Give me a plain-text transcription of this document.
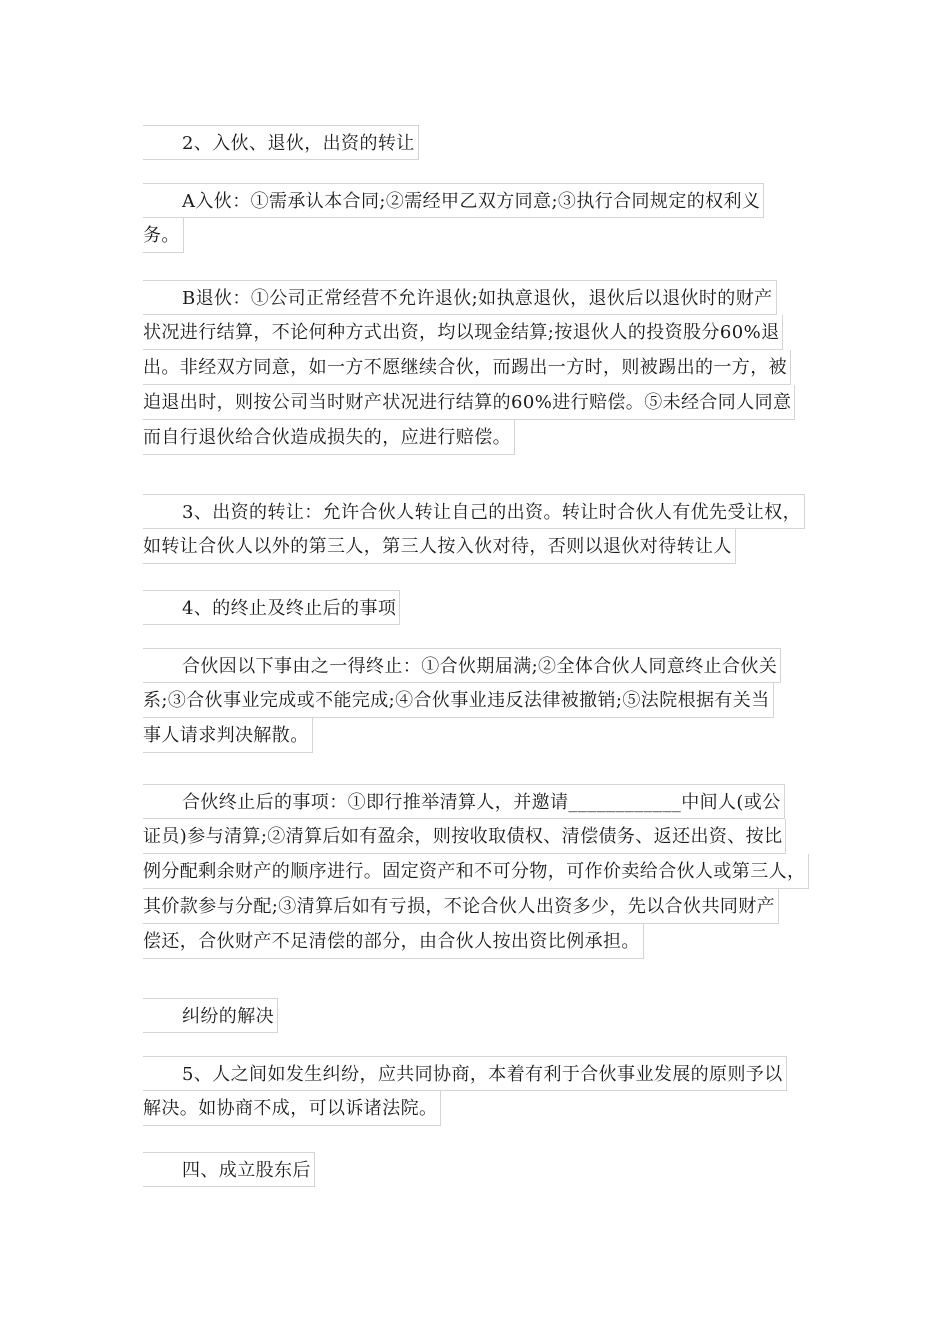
2、入伙、退伙，出资的转让
A入伙：①需承认本合同;②需经甲乙双方同意;③执行合同规定的权利义
务。
B退伙：①公司正常经营不允许退伙;如执意退伙，退伙后以退伙时的财产
状况进行结算，不论何种方式出资，均以现金结算;按退伙人的投资股分60%退
出。非经双方同意，如一方不愿继续合伙，而踢出一方时，则被踢出的一方，被
迫退出时，则按公司当时财产状况进行结算的60%进行赔偿。⑤未经合同人同意
而自行退伙给合伙造成损失的，应进行赔偿。
3、出资的转让：允许合伙人转让自己的出资。转让时合伙人有优先受让权，
如转让合伙人以外的第三人，第三人按入伙对待，否则以退伙对待转让人
4、的终止及终止后的事项
合伙因以下事由之一得终止：①合伙期届满;②全体合伙人同意终止合伙关
系;③合伙事业完成或不能完成;④合伙事业违反法律被撤销;⑤法院根据有关当
事人请求判决解散。
合伙终止后的事项：①即行推举清算人，并邀请____________中间人(或公
证员)参与清算;②清算后如有盈余，则按收取债权、清偿债务、返还出资、按比
例分配剩余财产的顺序进行。固定资产和不可分物，可作价卖给合伙人或第三人，
其价款参与分配;③清算后如有亏损，不论合伙人出资多少，先以合伙共同财产
偿还，合伙财产不足清偿的部分，由合伙人按出资比例承担。
纠纷的解决
5、人之间如发生纠纷，应共同协商，本着有利于合伙事业发展的原则予以
解决。如协商不成，可以诉诸法院。
四、成立股东后
